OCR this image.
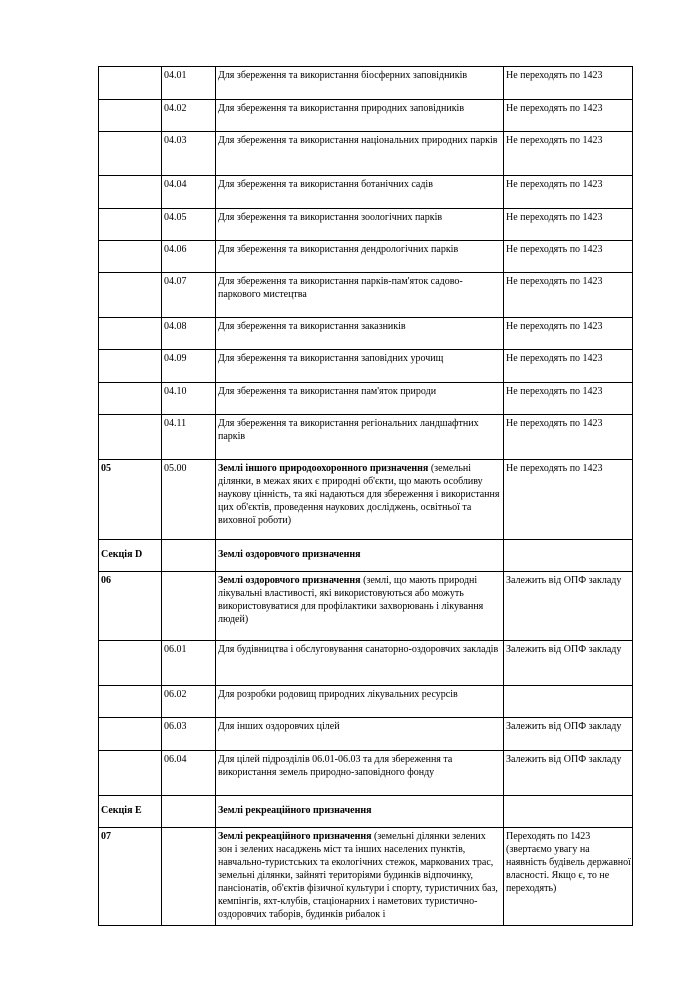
	04.01	Для збереження та використання біосферних заповідників	Не переходять по 1423
	04.02	Для збереження та використання природних заповідників	Не переходять по 1423
	04.03	Для збереження та використання національних природних парків	Не переходять по 1423
	04.04	Для збереження та використання ботанічних садів	Не переходять по 1423
	04.05	Для збереження та використання зоологічних парків	Не переходять по 1423
	04.06	Для збереження та використання дендрологічних парків	Не переходять по 1423
	04.07	Для збереження та використання парків-пам'яток садово-паркового мистецтва	Не переходять по 1423
	04.08	Для збереження та використання заказників	Не переходять по 1423
	04.09	Для збереження та використання заповідних урочищ	Не переходять по 1423
	04.10	Для збереження та використання пам'яток природи	Не переходять по 1423
	04.11	Для збереження та використання регіональних ландшафтних парків	Не переходять по 1423
05	05.00	Землі іншого природоохоронного призначення (земельні ділянки, в межах яких є природні об'єкти, що мають особливу наукову цінність, та які надаються для збереження і використання цих об'єктів, проведення наукових досліджень, освітньої та виховної роботи)	Не переходять по 1423
Секція D		Землі оздоровчого призначення	
06		Землі оздоровчого призначення (землі, що мають природні лікувальні властивості, які використовуються або можуть використовуватися для профілактики захворювань і лікування людей)	Залежить від ОПФ закладу
	06.01	Для будівництва і обслуговування санаторно-оздоровчих закладів	Залежить від ОПФ закладу
	06.02	Для розробки родовищ природних лікувальних ресурсів	
	06.03	Для інших оздоровчих цілей	Залежить від ОПФ закладу
	06.04	Для цілей підрозділів 06.01-06.03 та для збереження та використання земель природно-заповідного фонду	Залежить від ОПФ закладу
Секція E		Землі рекреаційного призначення	
07		Землі рекреаційного призначення (земельні ділянки зелених зон і зелених насаджень міст та інших населених пунктів, навчально-туристських та екологічних стежок, маркованих трас, земельні ділянки, зайняті територіями будинків відпочинку, пансіонатів, об'єктів фізичної культури і спорту, туристичних баз, кемпінгів, яхт-клубів, стаціонарних і наметових туристично-оздоровчих таборів, будинків рибалок і	Переходять по 1423 (звертаємо увагу на наявність будівель державної власності. Якщо є, то не переходять)
